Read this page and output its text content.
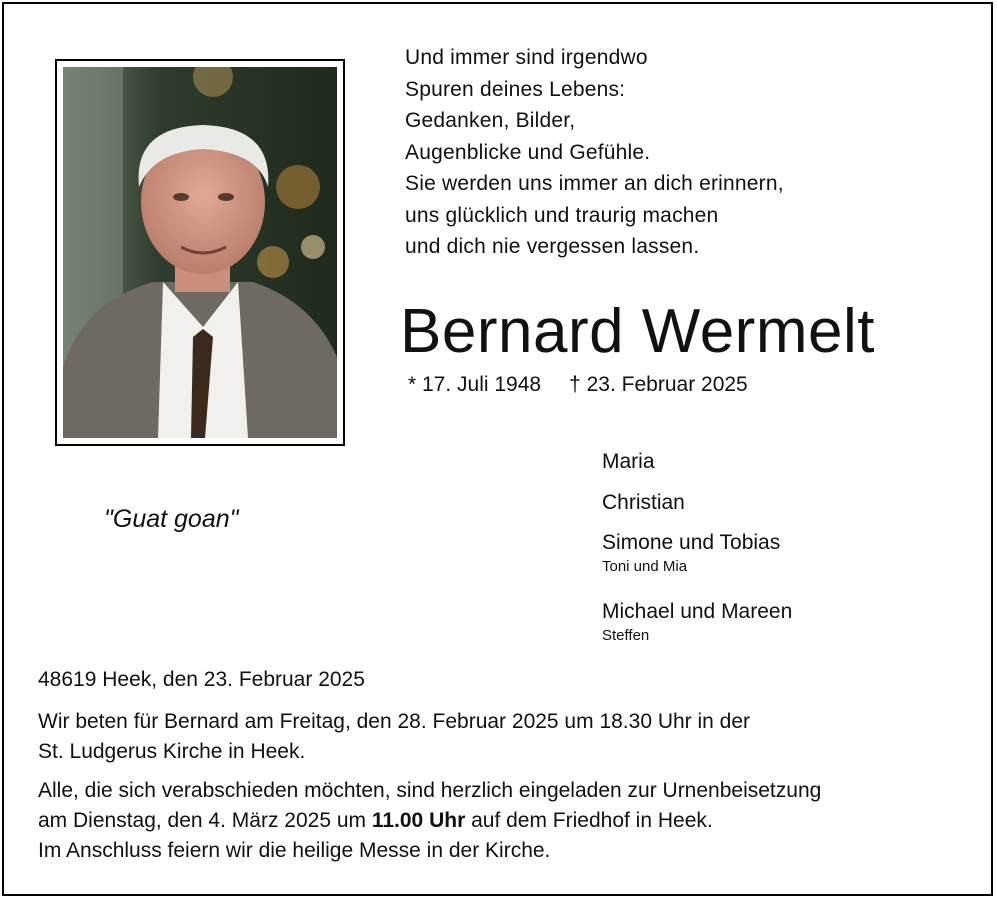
Und immer sind irgendwo
Spuren deines Lebens:
Gedanken, Bilder,
Augenblicke und Gefühle.
Sie werden uns immer an dich erinnern,
uns glücklich und traurig machen
und dich nie vergessen lassen.
Bernard Wermelt
* 17. Juli 1948 † 23. Februar 2025
"Guat goan"
Maria
Christian
Simone und Tobias
Toni und Mia
Michael und Mareen
Steffen
48619 Heek, den 23. Februar 2025
Wir beten für Bernard am Freitag, den 28. Februar 2025 um 18.30 Uhr in der
St. Ludgerus Kirche in Heek.
Alle, die sich verabschieden möchten, sind herzlich eingeladen zur Urnenbeisetzung
am Dienstag, den 4. März 2025 um 11.00 Uhr auf dem Friedhof in Heek.
Im Anschluss feiern wir die heilige Messe in der Kirche.
